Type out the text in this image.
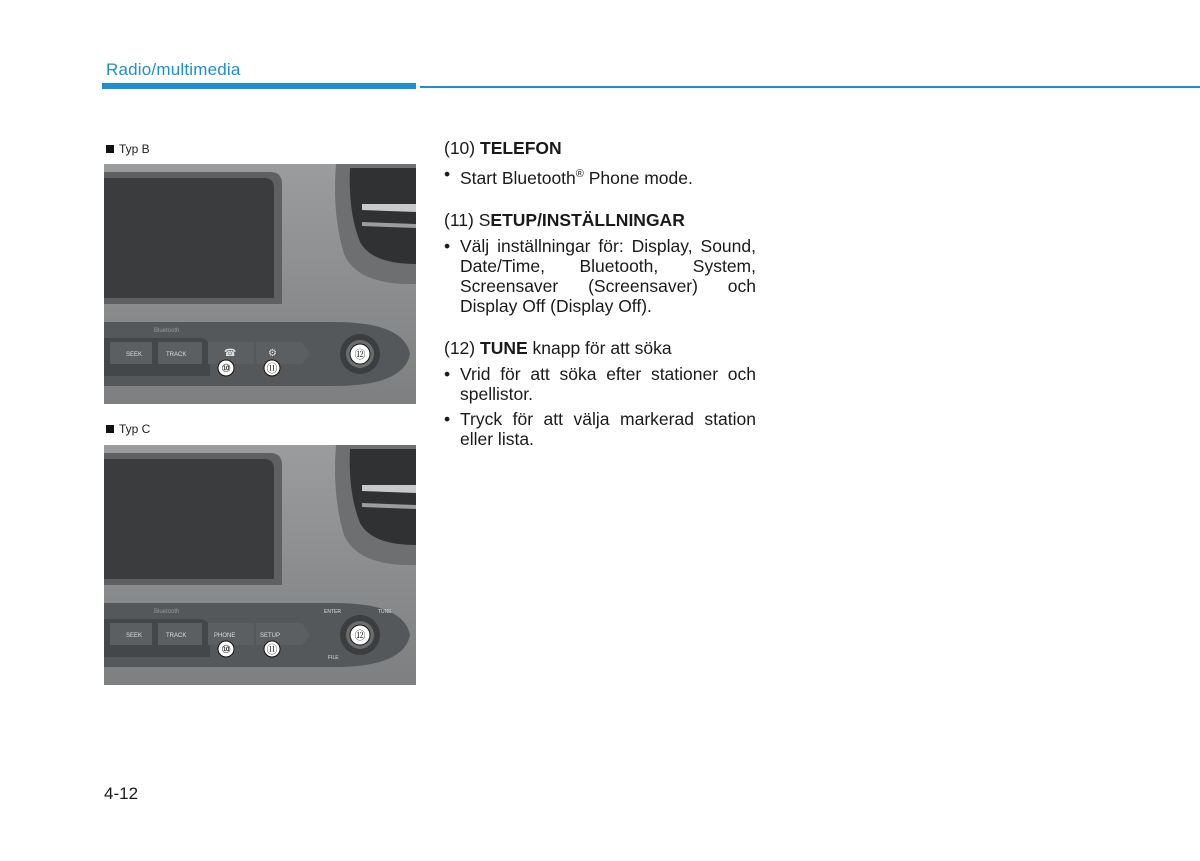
Radio/multimedia
Typ B
Bluetooth
SEEK	TRACK	☎	⚙
⑩	⑪
⑫
Typ C
Bluetooth
SEEK	TRACK	PHONE	SETUP
ENTER	TUNE
FILE
⑩	⑪
⑫
(10) TELEFON
• Start Bluetooth® Phone mode.
(11) SETUP/INSTÄLLNINGAR
• Välj inställningar för: Display, Sound, Date/Time, Bluetooth, System, Screensaver (Screensaver) och Display Off (Display Off).
(12) TUNE knapp för att söka
• Vrid för att söka efter stationer och spellistor.
• Tryck för att välja markerad station eller lista.
4-12
